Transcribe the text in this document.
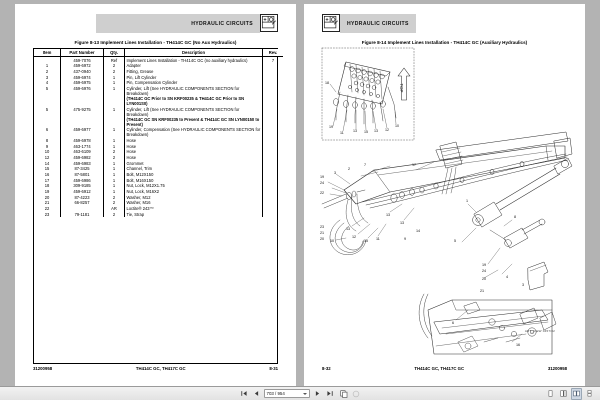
HYDRAULIC CIRCUITS
Figure 8-13 Implement Lines Installation - TH414C GC (No Aux Hydraulics)
Item	Part Number	Qty.	Description	Rev.
	459-7076	Ref	Implement Lines Installation - TH414C GC (no auxiliary hydraulics)	7
1	459-6972	2	Adapter	

2	437-0940	2	Fitting, Grease	

3	459-6974	1	Pin, Lift Cylinder	

4	459-6975	1	Pin, Compensation Cylinder	

5	459-6976	1	Cylinder, Lift (See HYDRAULIC COMPONENTS SECTION for Breakdown)
(TH414C GC Prior to SN KRF00235 & TH414C GC Prior to SN LYN001S0)	

5	475-9275	1	Cylinder, Lift (See HYDRAULIC COMPONENTS SECTION for Breakdown)
(TH414C GC SN KRF00235 to Present & TH414C GC SN LYN00150 to Present)	

6	459-6977	1	Cylinder, Compensation (See HYDRAULIC COMPONENTS SECTION for Breakdown)	

8	459-6978	1	Hose	

9	463-1774	1	Hose	

10	463-6109	2	Hose	

12	459-6982	2	Hose	

14	459-6983	1	Grommet	

15	87-3425	1	Channel, Trim	

16	87-5801	1	Bolt, M12X150	

17	459-6986	1	Bolt, M16X150	

18	309-9185	1	Nut, Lock, M12X1.75	

19	459-6912	1	Nut, Lock, M16X2	

20	87-4223	2	Washer, M12	

21	66-8257	2	Washer, M16	

22		AR	Loctite® 243™	

23	79-1181	2	Tie, Strap	

31200958	TH414C GC, TH417C GC	8-31
HYDRAULIC CIRCUITS
Figure 8-14 Implement Lines Installation - TH414C GC (Auxiliary Hydraulics)
TOP
18
19
11	13 15 13 12
10
19
24
22
23
21
20
3
2
7	17
13
12
15 11
10
13
13
9
14
1
8
5
19
24
20	4
3
21
6
16
ART_VIEW 0457/02
8-32	TH414C GC, TH417C GC	31200958
703 / 954
